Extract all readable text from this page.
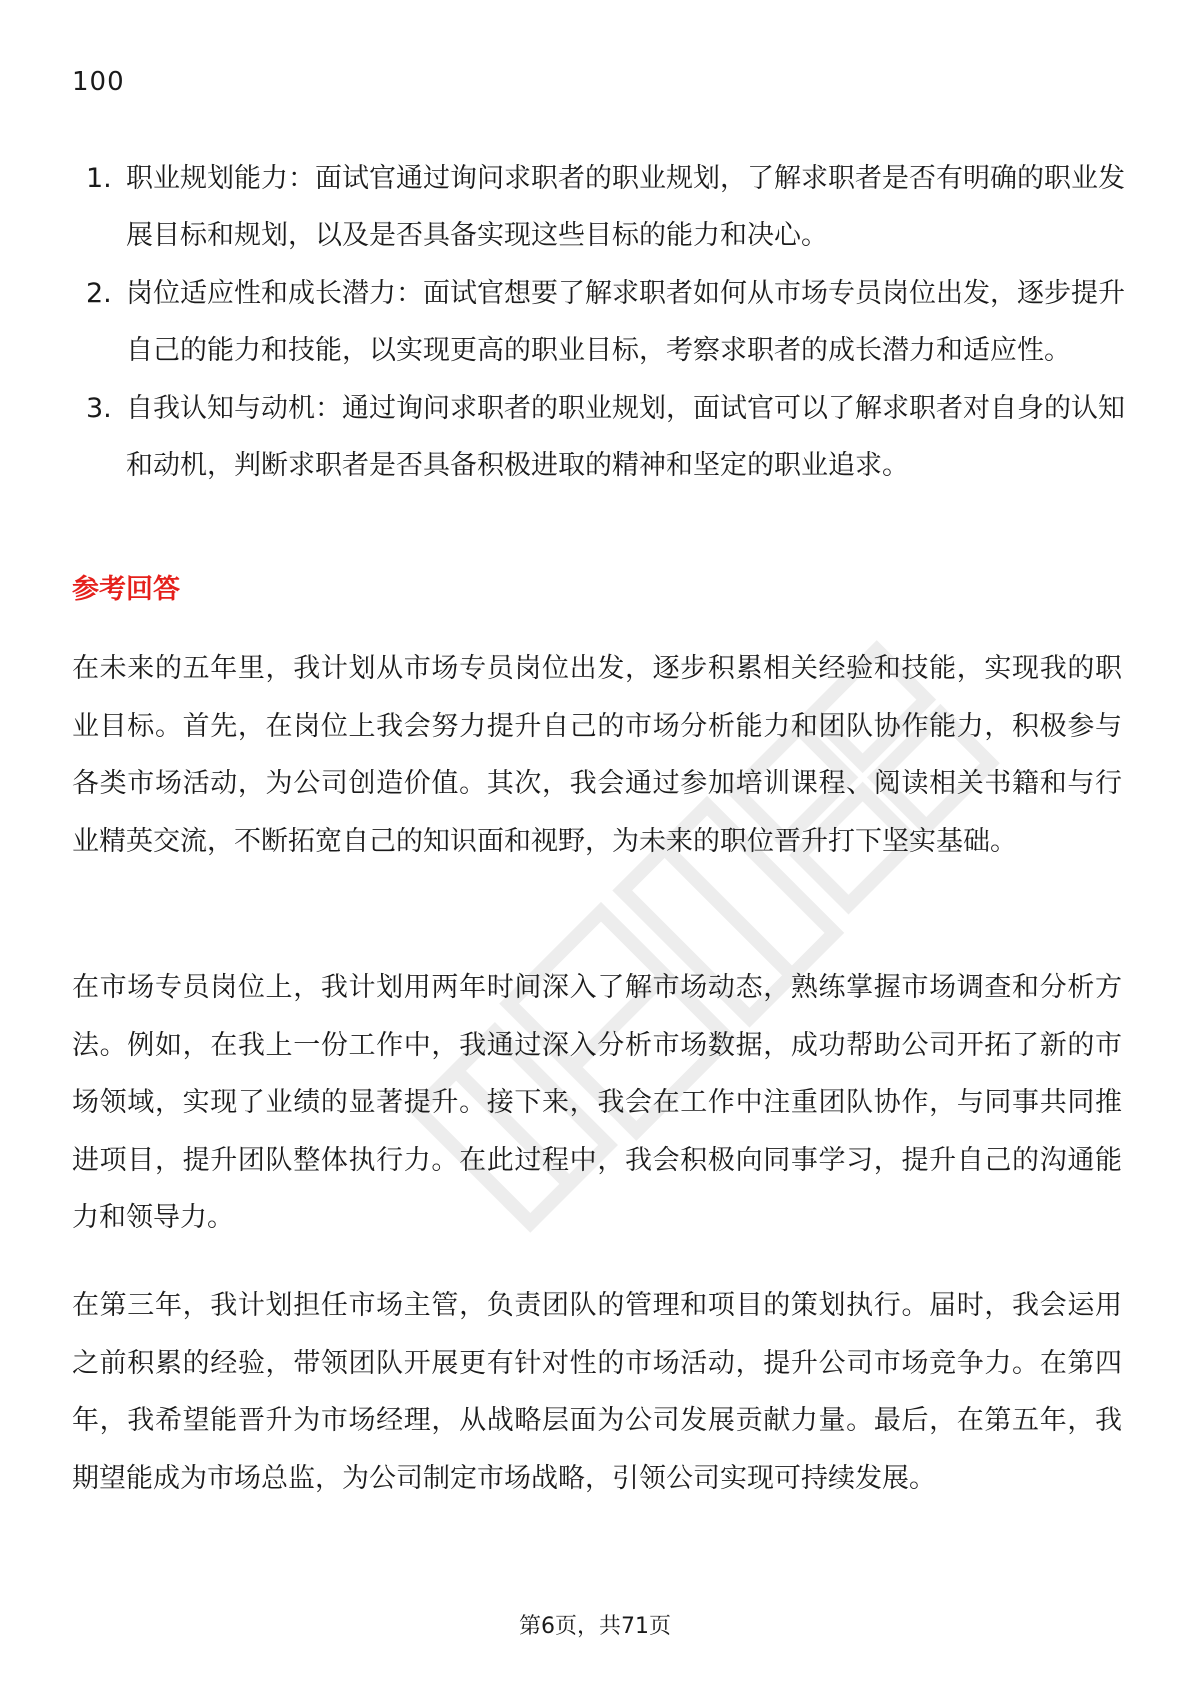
100
1. 职业规划能力：面试官通过询问求职者的职业规划，了解求职者是否有明确的职业发展目标和规划，以及是否具备实现这些目标的能力和决心。
2. 岗位适应性和成长潜力：面试官想要了解求职者如何从市场专员岗位出发，逐步提升自己的能力和技能，以实现更高的职业目标，考察求职者的成长潜力和适应性。
3. 自我认知与动机：通过询问求职者的职业规划，面试官可以了解求职者对自身的认知和动机，判断求职者是否具备积极进取的精神和坚定的职业追求。
参考回答

在未来的五年里，我计划从市场专员岗位出发，逐步积累相关经验和技能，实现我的职业目标。首先，在岗位上我会努力提升自己的市场分析能力和团队协作能力，积极参与各类市场活动，为公司创造价值。其次，我会通过参加培训课程、阅读相关书籍和与行业精英交流，不断拓宽自己的知识面和视野，为未来的职位晋升打下坚实基础。

在市场专员岗位上，我计划用两年时间深入了解市场动态，熟练掌握市场调查和分析方法。例如，在我上一份工作中，我通过深入分析市场数据，成功帮助公司开拓了新的市场领域，实现了业绩的显著提升。接下来，我会在工作中注重团队协作，与同事共同推进项目，提升团队整体执行力。在此过程中，我会积极向同事学习，提升自己的沟通能力和领导力。

在第三年，我计划担任市场主管，负责团队的管理和项目的策划执行。届时，我会运用之前积累的经验，带领团队开展更有针对性的市场活动，提升公司市场竞争力。在第四年，我希望能晋升为市场经理，从战略层面为公司发展贡献力量。最后，在第五年，我期望能成为市场总监，为公司制定市场战略，引领公司实现可持续发展。

第6页，共71页
